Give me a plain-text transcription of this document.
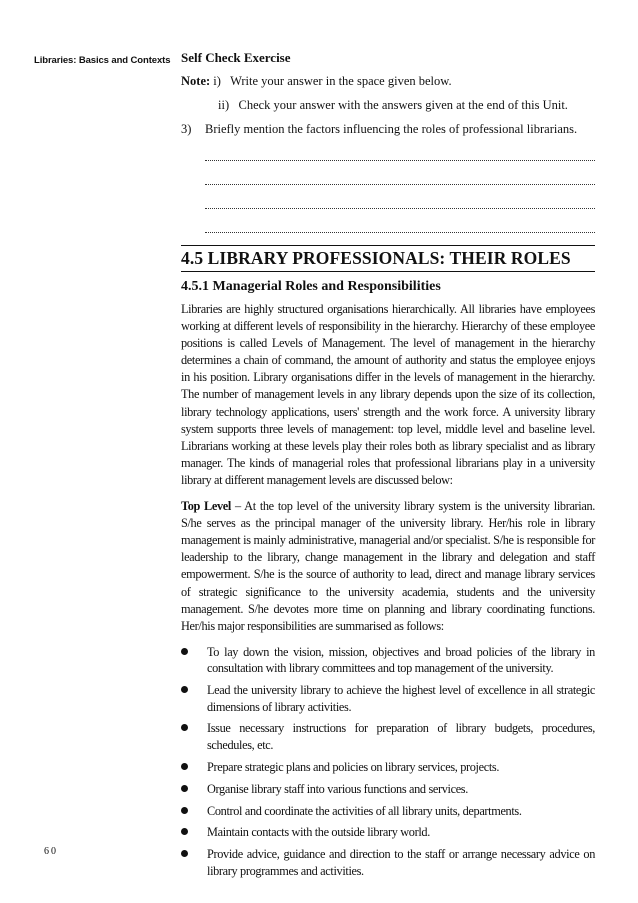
Libraries: Basics and Contexts Self Check Exercise
Note: i) Write your answer in the space given below.
ii) Check your answer with the answers given at the end of this Unit.
3)	Briefly mention the factors influencing the roles of professional librarians.
4.5 LIBRARY PROFESSIONALS: THEIR ROLES
4.5.1 Managerial Roles and Responsibilities

Libraries are highly structured organisations hierarchically. All libraries have employees working at different levels of responsibility in the hierarchy. Hierarchy of these employee positions is called Levels of Management. The level of management in the hierarchy determines a chain of command, the amount of authority and status the employee enjoys in his position. Library organisations differ in the levels of management in the hierarchy. The number of management levels in any library depends upon the size of its collection, library technology applications, users' strength and the work force. A university library system supports three levels of management: top level, middle level and baseline level. Librarians working at these levels play their roles both as library specialist and as library manager. The kinds of managerial roles that professional librarians play in a university library at different management levels are discussed below:

Top Level – At the top level of the university library system is the university librarian. S/he serves as the principal manager of the university library. Her/his role in library management is mainly administrative, managerial and/or specialist. S/he is responsible for leadership to the library, change management in the library and delegation and staff empowerment. S/he is the source of authority to lead, direct and manage library services of strategic significance to the university academia, students and the university management. S/he devotes more time on planning and library coordinating functions. Her/his major responsibilities are summarised as follows:

To lay down the vision, mission, objectives and broad policies of the library in consultation with library committees and top management of the university.
Lead the university library to achieve the highest level of excellence in all strategic dimensions of library activities.
Issue necessary instructions for preparation of library budgets, procedures, schedules, etc.
Prepare strategic plans and policies on library services, projects.
Organise library staff into various functions and services.
Control and coordinate the activities of all library units, departments.
Maintain contacts with the outside library world.
Provide advice, guidance and direction to the staff or arrange necessary advice on library programmes and activities.
60
